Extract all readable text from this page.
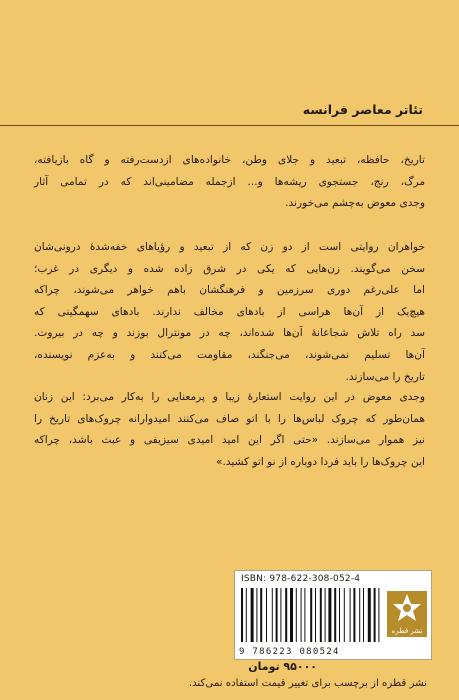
تئاتر معاصر فرانسه
تاریخ، حافظه، تبعید و جلای وطن، خانواده‌های ازدست‌رفته و گاه بازیافته،
مرگ، رنج، جستجوی ریشه‌ها و... ازجمله مضامینی‌اند که در تمامی آثار
وجدی معوض به‌چشم می‌خورند.
خواهران روایتی است از دو زن که از تبعید و رؤیاهای خفه‌شدهٔ درونی‌شان
سخن می‌گویند. زن‌هایی که یکی در شرق زاده شده و دیگری در غرب؛
اما علی‌رغم دوری سرزمین و فرهنگشان باهم خواهر می‌شوند، چراکه
هیچ‌یک از آن‌ها هراسی از بادهای مخالف ندارند. بادهای سهمگینی که
سد راه تلاش شجاعانهٔ آن‌ها شده‌اند، چه در مونترال بوزند و چه در بیروت.
آن‌ها تسلیم نمی‌شوند، می‌جنگند، مقاومت می‌کنند و به‌عزم نویسنده،
تاریخ را می‌سازند.
وجدی معوض در این روایت استعارهٔ زیبا و پرمعنایی را به‌کار می‌برد: این زنان
همان‌طور که چروک لباس‌ها را با اتو صاف می‌کنند امیدوارانه چروک‌های تاریخ را
نیز هموار می‌سازند. «حتی اگر این امید امیدی سیزیفی و عبث باشد، چراکه
این چروک‌ها را باید فردا دوباره از نو اتو کشید.»
ISBN: 978-622-308-052-4
9 786223 080524
نشر قطره
۹۵۰۰۰ تومان
نشر قطره از برچسب برای تغییر قیمت استفاده نمی‌کند.
